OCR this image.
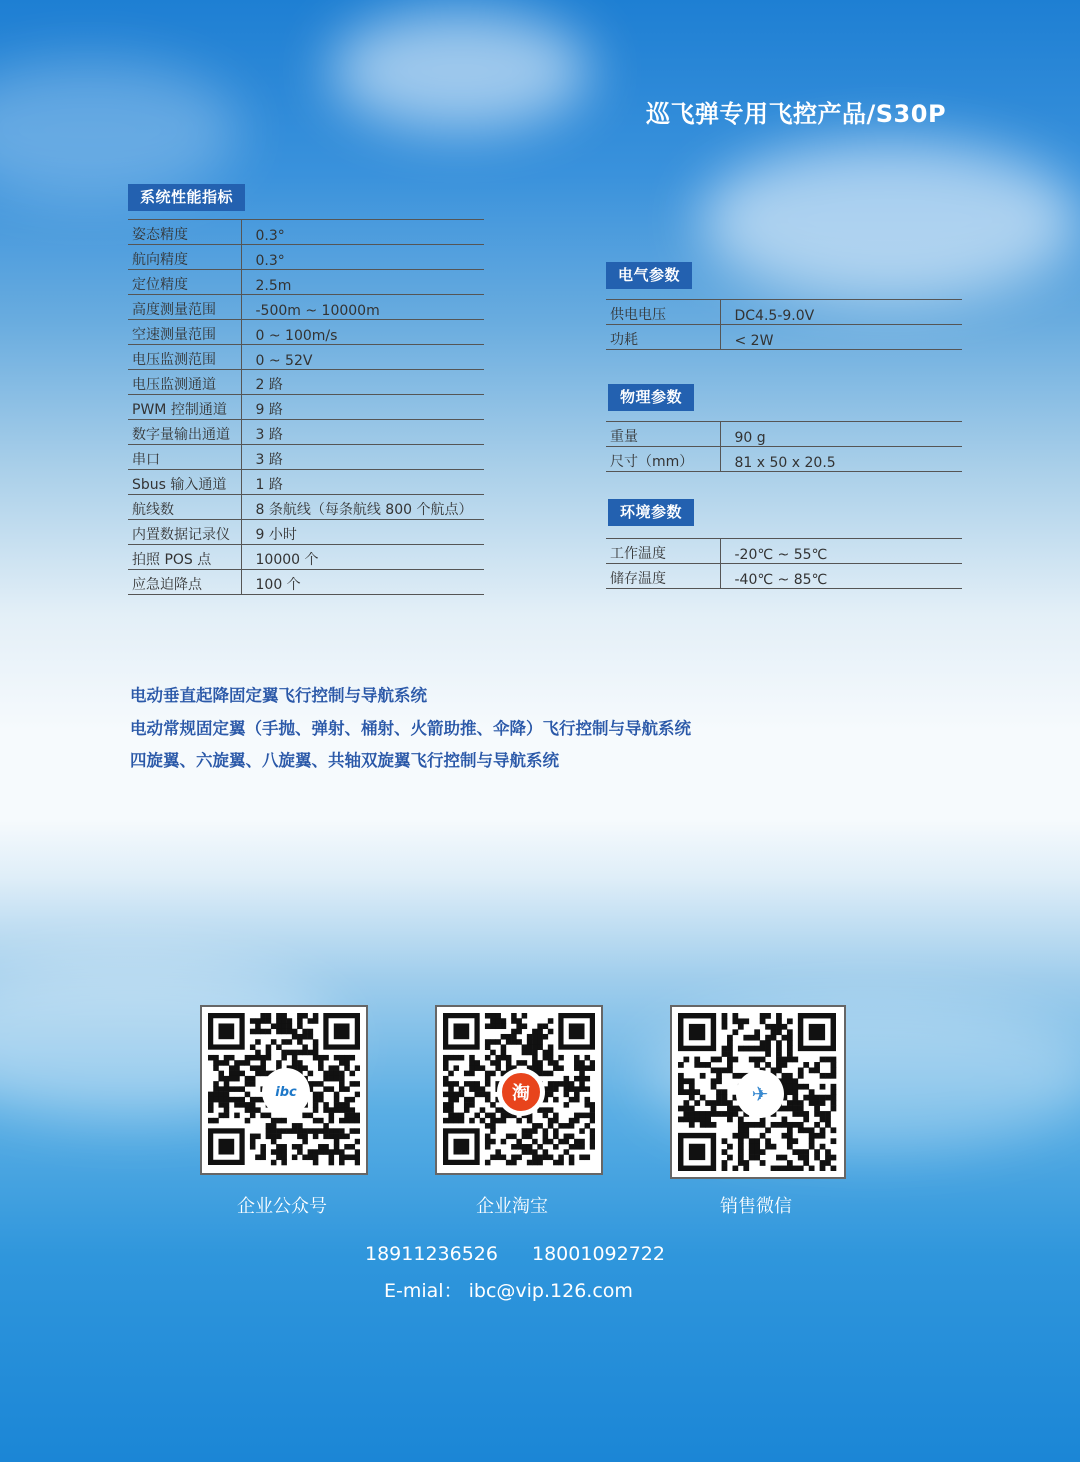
巡飞弹专用飞控产品/S30P
系统性能指标
姿态精度	0.3°
航向精度	0.3°
定位精度	2.5m
高度测量范围	-500m ~ 10000m
空速测量范围	0 ~ 100m/s
电压监测范围	0 ~ 52V
电压监测通道	2 路
PWM 控制通道	9 路
数字量输出通道	3 路
串口	3 路
Sbus 输入通道	1 路
航线数	8 条航线（每条航线 800 个航点）
内置数据记录仪	9 小时
拍照 POS 点	10000 个
应急迫降点	100 个
电气参数
供电电压	DC4.5-9.0V
功耗	< 2W
物理参数
重量	90 g
尺寸（mm）	81 x 50 x 20.5
环境参数
工作温度	-20℃ ~ 55℃
储存温度	-40℃ ~ 85℃
电动垂直起降固定翼飞行控制与导航系统
电动常规固定翼（手抛、弹射、桶射、火箭助推、伞降）飞行控制与导航系统
四旋翼、六旋翼、八旋翼、共轴双旋翼飞行控制与导航系统
ibc	淘	✈
企业公众号	企业淘宝	销售微信
18911236526 18001092722
E-mial： ibc@vip.126.com
